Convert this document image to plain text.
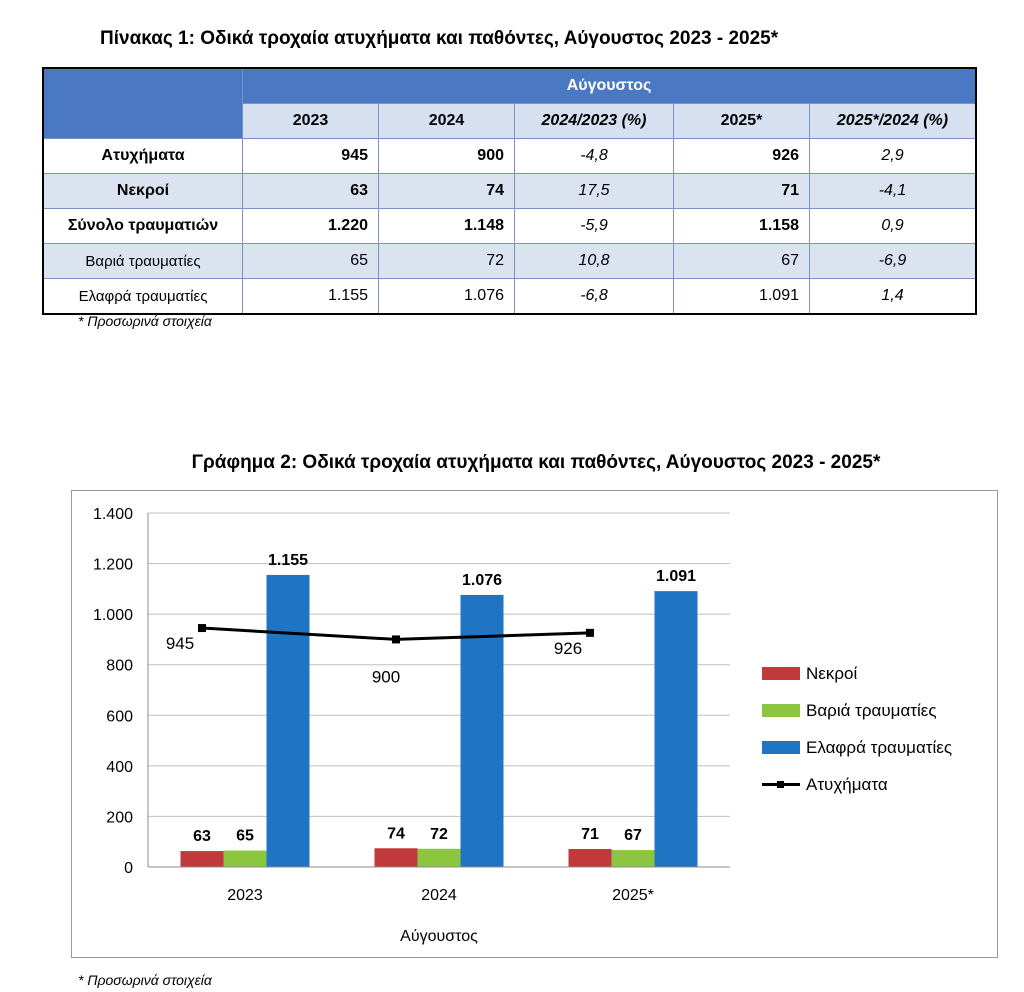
Πίνακας 1: Οδικά τροχαία ατυχήματα και παθόντες, Αύγουστος 2023 - 2025*
	Αύγουστος				
	2023	2024	2024/2023 (%)	2025*	2025*/2024 (%)
Ατυχήματα	945	900	-4,8	926	2,9
Νεκροί	63	74	17,5	71	-4,1
Σύνολο τραυματιών	1.220	1.148	-5,9	1.158	0,9
Βαριά τραυματίες	65	72	10,8	67	-6,9
Ελαφρά τραυματίες	1.155	1.076	-6,8	1.091	1,4
* Προσωρινά στοιχεία
Γράφημα 2: Οδικά τροχαία ατυχήματα και παθόντες, Αύγουστος 2023 - 2025*
0
200
400
600
800
1.000
1.200
1.400
63	74	71
65	72	67
1.155
1.076	1.091
2023	2024	2025*
Αύγουστος
945
900
926
Νεκροί
Βαριά τραυματίες
Ελαφρά τραυματίες
Ατυχήματα
* Προσωρινά στοιχεία
